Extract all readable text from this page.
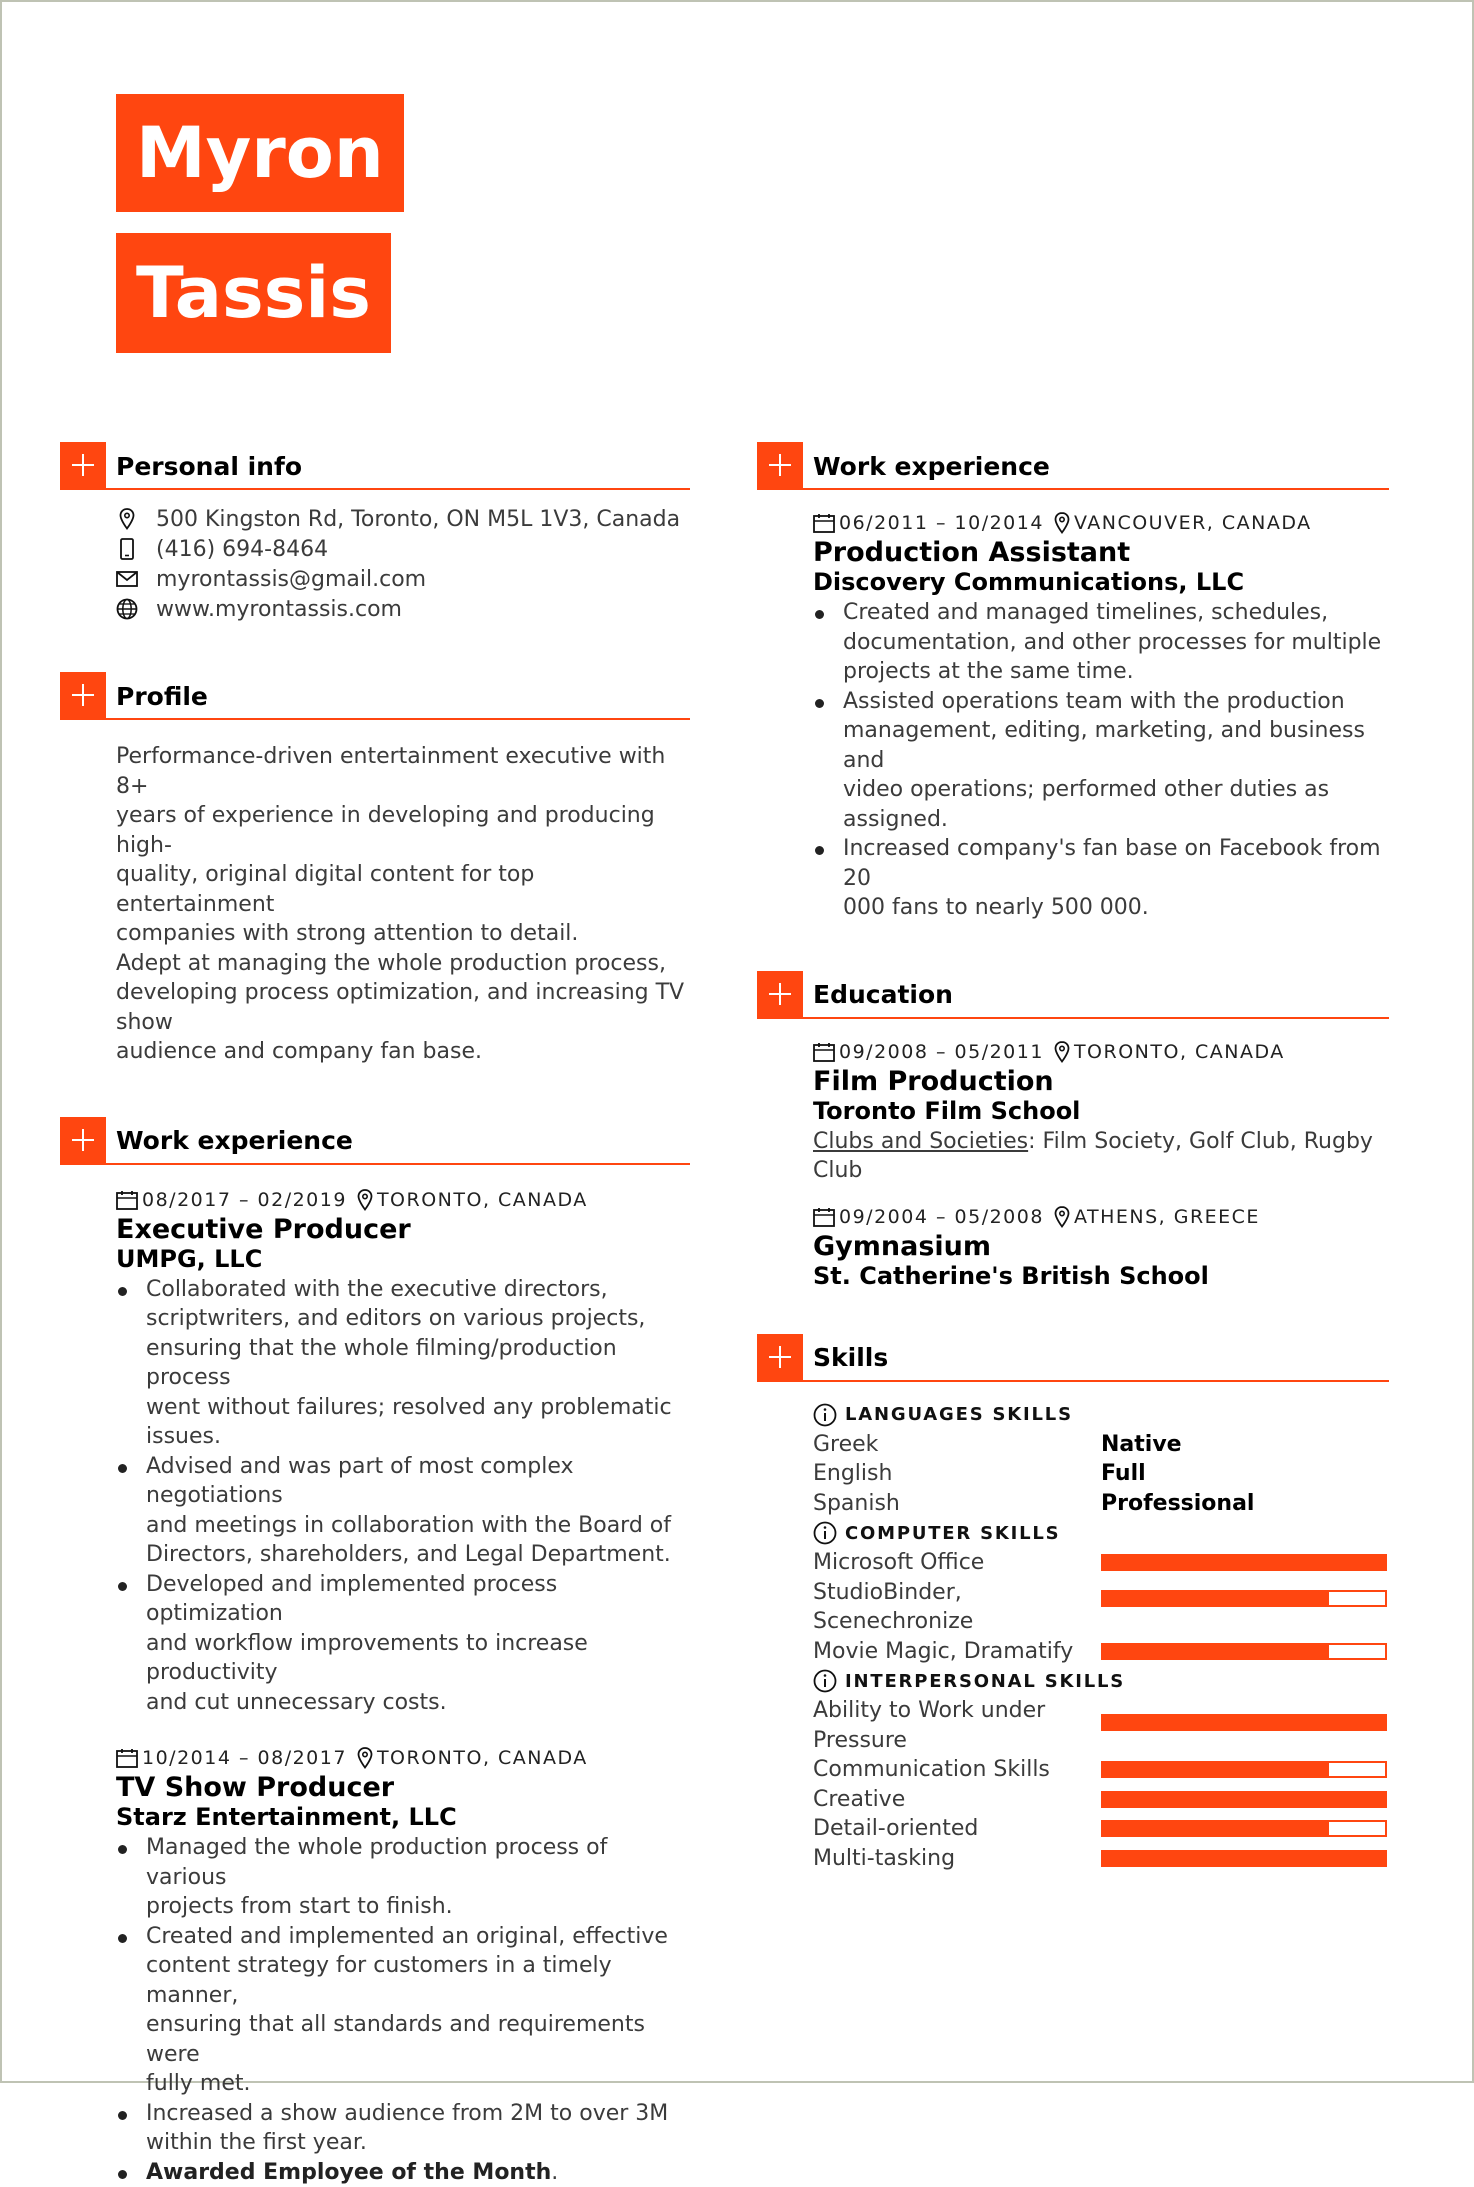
Myron
Tassis
Personal info
500 Kingston Rd, Toronto, ON M5L 1V3, Canada
(416) 694-8464
myrontassis@gmail.com
www.myrontassis.com
Profile
Performance-driven entertainment executive with 8+
years of experience in developing and producing high-
quality, original digital content for top entertainment
companies with strong attention to detail.
Adept at managing the whole production process,
developing process optimization, and increasing TV show
audience and company fan base.
Work experience
08/2017 – 02/2019 TORONTO, CANADA
Executive Producer
UMPG, LLC
Collaborated with the executive directors,
scriptwriters, and editors on various projects,
ensuring that the whole filming/production process
went without failures; resolved any problematic
issues.
Advised and was part of most complex negotiations
and meetings in collaboration with the Board of
Directors, shareholders, and Legal Department.
Developed and implemented process optimization
and workflow improvements to increase productivity
and cut unnecessary costs.
10/2014 – 08/2017 TORONTO, CANADA
TV Show Producer
Starz Entertainment, LLC
Managed the whole production process of various
projects from start to finish.
Created and implemented an original, effective
content strategy for customers in a timely manner,
ensuring that all standards and requirements were
fully met.
Increased a show audience from 2M to over 3M
within the first year.
Awarded Employee of the Month.
Work experience
06/2011 – 10/2014 VANCOUVER, CANADA
Production Assistant
Discovery Communications, LLC
Created and managed timelines, schedules,
documentation, and other processes for multiple
projects at the same time.
Assisted operations team with the production
management, editing, marketing, and business and
video operations; performed other duties as assigned.
Increased company's fan base on Facebook from 20
000 fans to nearly 500 000.
Education
09/2008 – 05/2011 TORONTO, CANADA
Film Production
Toronto Film School
Clubs and Societies: Film Society, Golf Club, Rugby Club
09/2004 – 05/2008 ATHENS, GREECE
Gymnasium
St. Catherine's British School
Skills
LANGUAGES SKILLS
Greek	Native
English	Full
Spanish	Professional
COMPUTER SKILLS
Microsoft Office
StudioBinder,
Scenechronize
Movie Magic, Dramatify
INTERPERSONAL SKILLS
Ability to Work under
Pressure
Communication Skills
Creative
Detail-oriented
Multi-tasking
